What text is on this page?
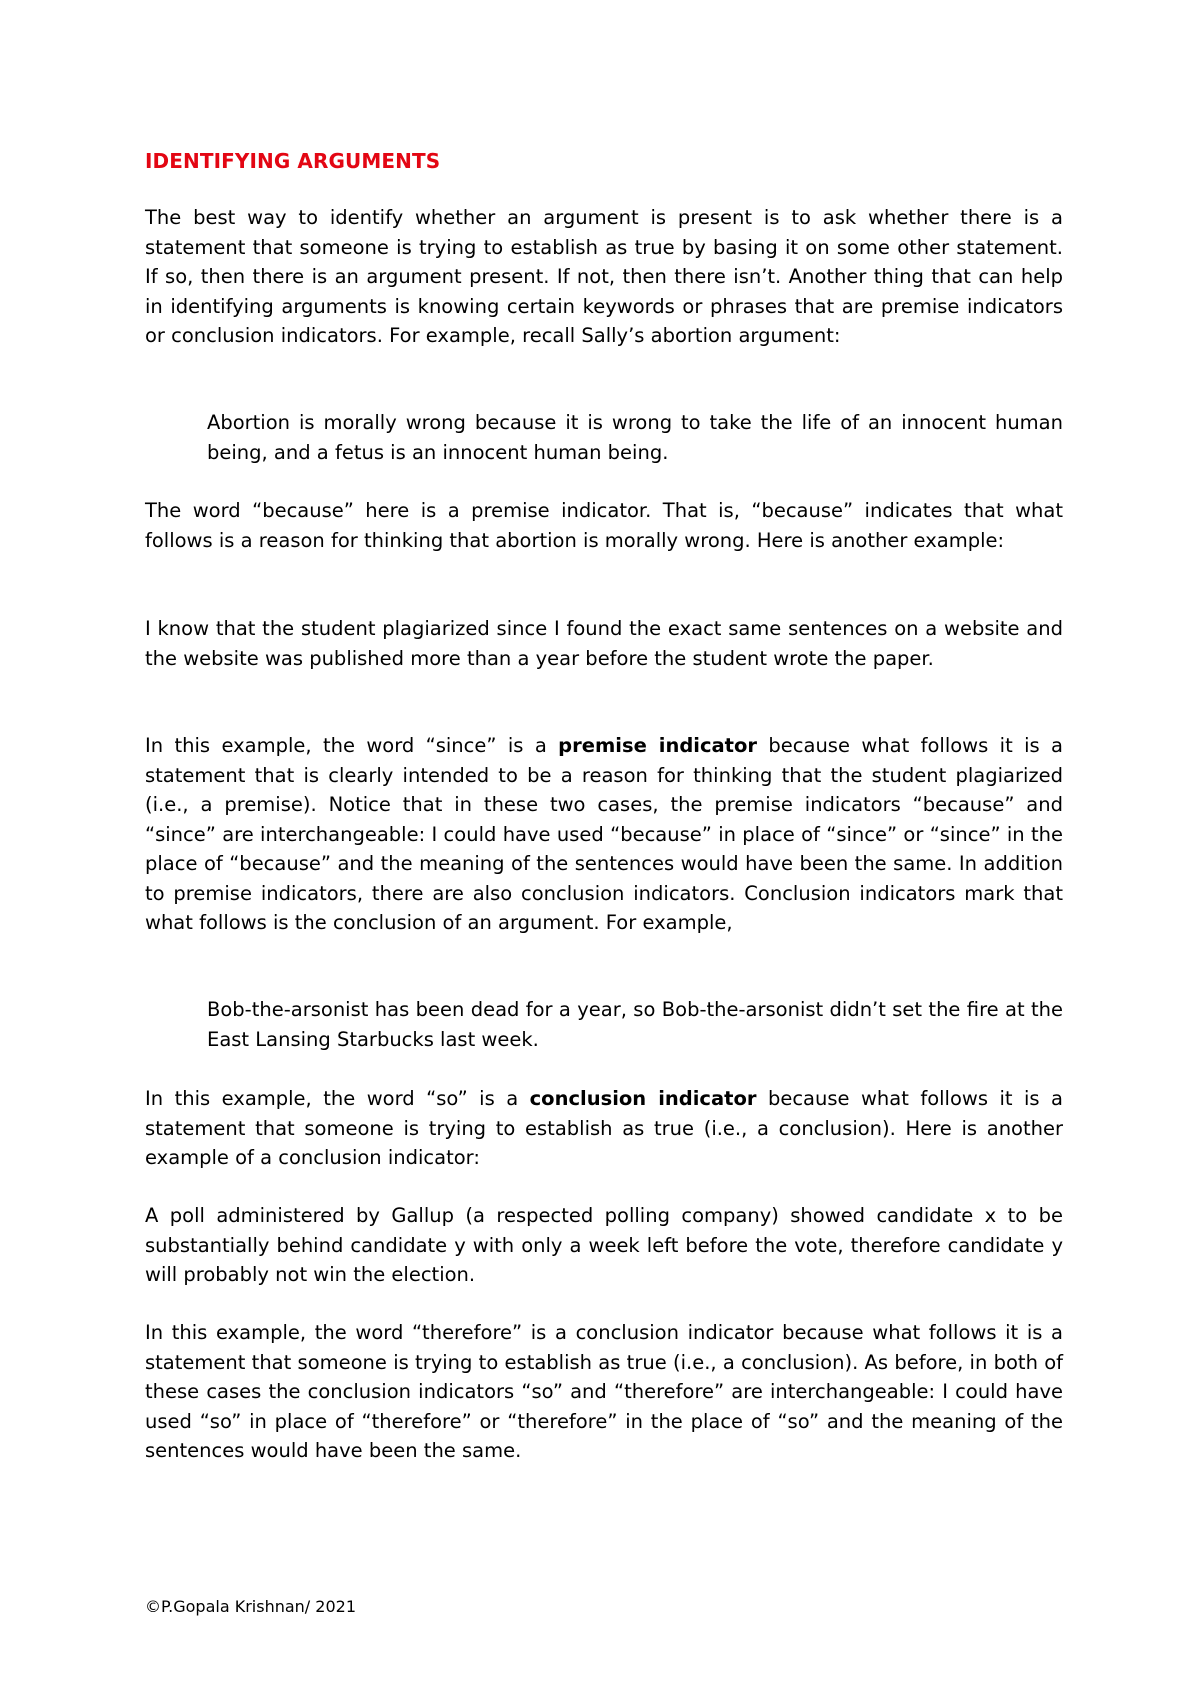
IDENTIFYING ARGUMENTS

The best way to identify whether an argument is present is to ask whether there is a statement that someone is trying to establish as true by basing it on some other statement. If so, then there is an argument present. If not, then there isn’t. Another thing that can help in identifying arguments is knowing certain keywords or phrases that are premise indicators or conclusion indicators. For example, recall Sally’s abortion argument:

Abortion is morally wrong because it is wrong to take the life of an innocent human being, and a fetus is an innocent human being.

The word “because” here is a premise indicator. That is, “because” indicates that what follows is a reason for thinking that abortion is morally wrong. Here is another example:

I know that the student plagiarized since I found the exact same sentences on a website and the website was published more than a year before the student wrote the paper.

In this example, the word “since” is a premise indicator because what follows it is a statement that is clearly intended to be a reason for thinking that the student plagiarized (i.e., a premise). Notice that in these two cases, the premise indicators “because” and “since” are interchangeable: I could have used “because” in place of “since” or “since” in the place of “because” and the meaning of the sentences would have been the same. In addition to premise indicators, there are also conclusion indicators. Conclusion indicators mark that what follows is the conclusion of an argument. For example,

Bob-the-arsonist has been dead for a year, so Bob-the-arsonist didn’t set the fire at the East Lansing Starbucks last week.

In this example, the word “so” is a conclusion indicator because what follows it is a statement that someone is trying to establish as true (i.e., a conclusion). Here is another example of a conclusion indicator:

A poll administered by Gallup (a respected polling company) showed candidate x to be substantially behind candidate y with only a week left before the vote, therefore candidate y will probably not win the election.

In this example, the word “therefore” is a conclusion indicator because what follows it is a statement that someone is trying to establish as true (i.e., a conclusion). As before, in both of these cases the conclusion indicators “so” and “therefore” are interchangeable: I could have used “so” in place of “therefore” or “therefore” in the place of “so” and the meaning of the sentences would have been the same.

©P.Gopala Krishnan/ 2021
